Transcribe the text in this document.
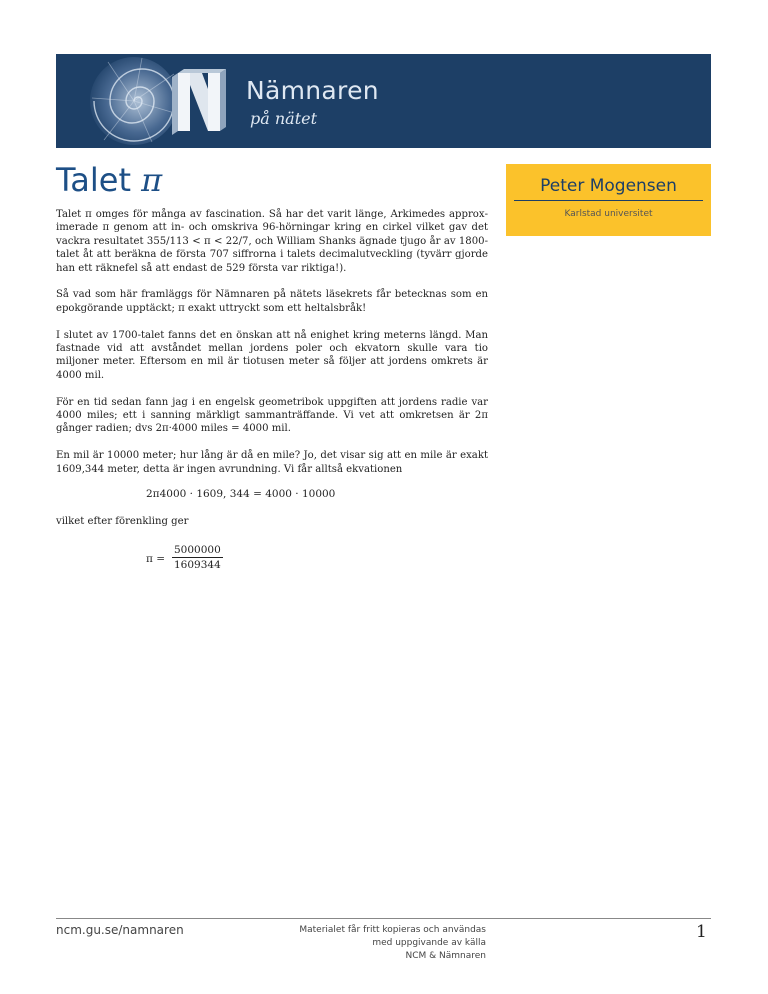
Nämnaren
på nätet
Talet π	Peter Mogensen
Karlstad universitet

Talet π omges för många av fascination. Så har det varit länge, Arkimedes approximerade π genom att in- och omskriva 96-hörningar kring en cirkel vilket gav det vackra resultatet 355/113 < π < 22/7, och William Shanks ägnade tjugo år av 1800-talet åt att beräkna de första 707 siffrorna i talets decimalutveckling (tyvärr gjorde han ett räknefel så att endast de 529 första var riktiga!).

Så vad som här framläggs för Nämnaren på nätets läsekrets får betecknas som en epokgörande upptäckt; π exakt uttryckt som ett heltalsbråk!

I slutet av 1700-talet fanns det en önskan att nå enighet kring meterns längd. Man fastnade vid att avståndet mellan jordens poler och ekvatorn skulle vara tio miljoner meter. Eftersom en mil är tiotusen meter så följer att jordens omkrets är 4000 mil.

För en tid sedan fann jag i en engelsk geometribok uppgiften att jordens radie var 4000 miles; ett i sanning märkligt sammanträffande. Vi vet att omkretsen är 2π gånger radien; dvs 2π·4000 miles = 4000 mil.

En mil är 10000 meter; hur lång är då en mile? Jo, det visar sig att en mile är exakt 1609,344 meter, detta är ingen avrundning. Vi får alltså ekvationen

2π4000 · 1609, 344 = 4000 · 10000
vilket efter förenkling ger
$\pi = \frac{5000000}{1609344}$
ncm.gu.se/namnaren	Materialet får fritt kopieras och användas
med uppgivande av källa
NCM & Nämnaren
1
